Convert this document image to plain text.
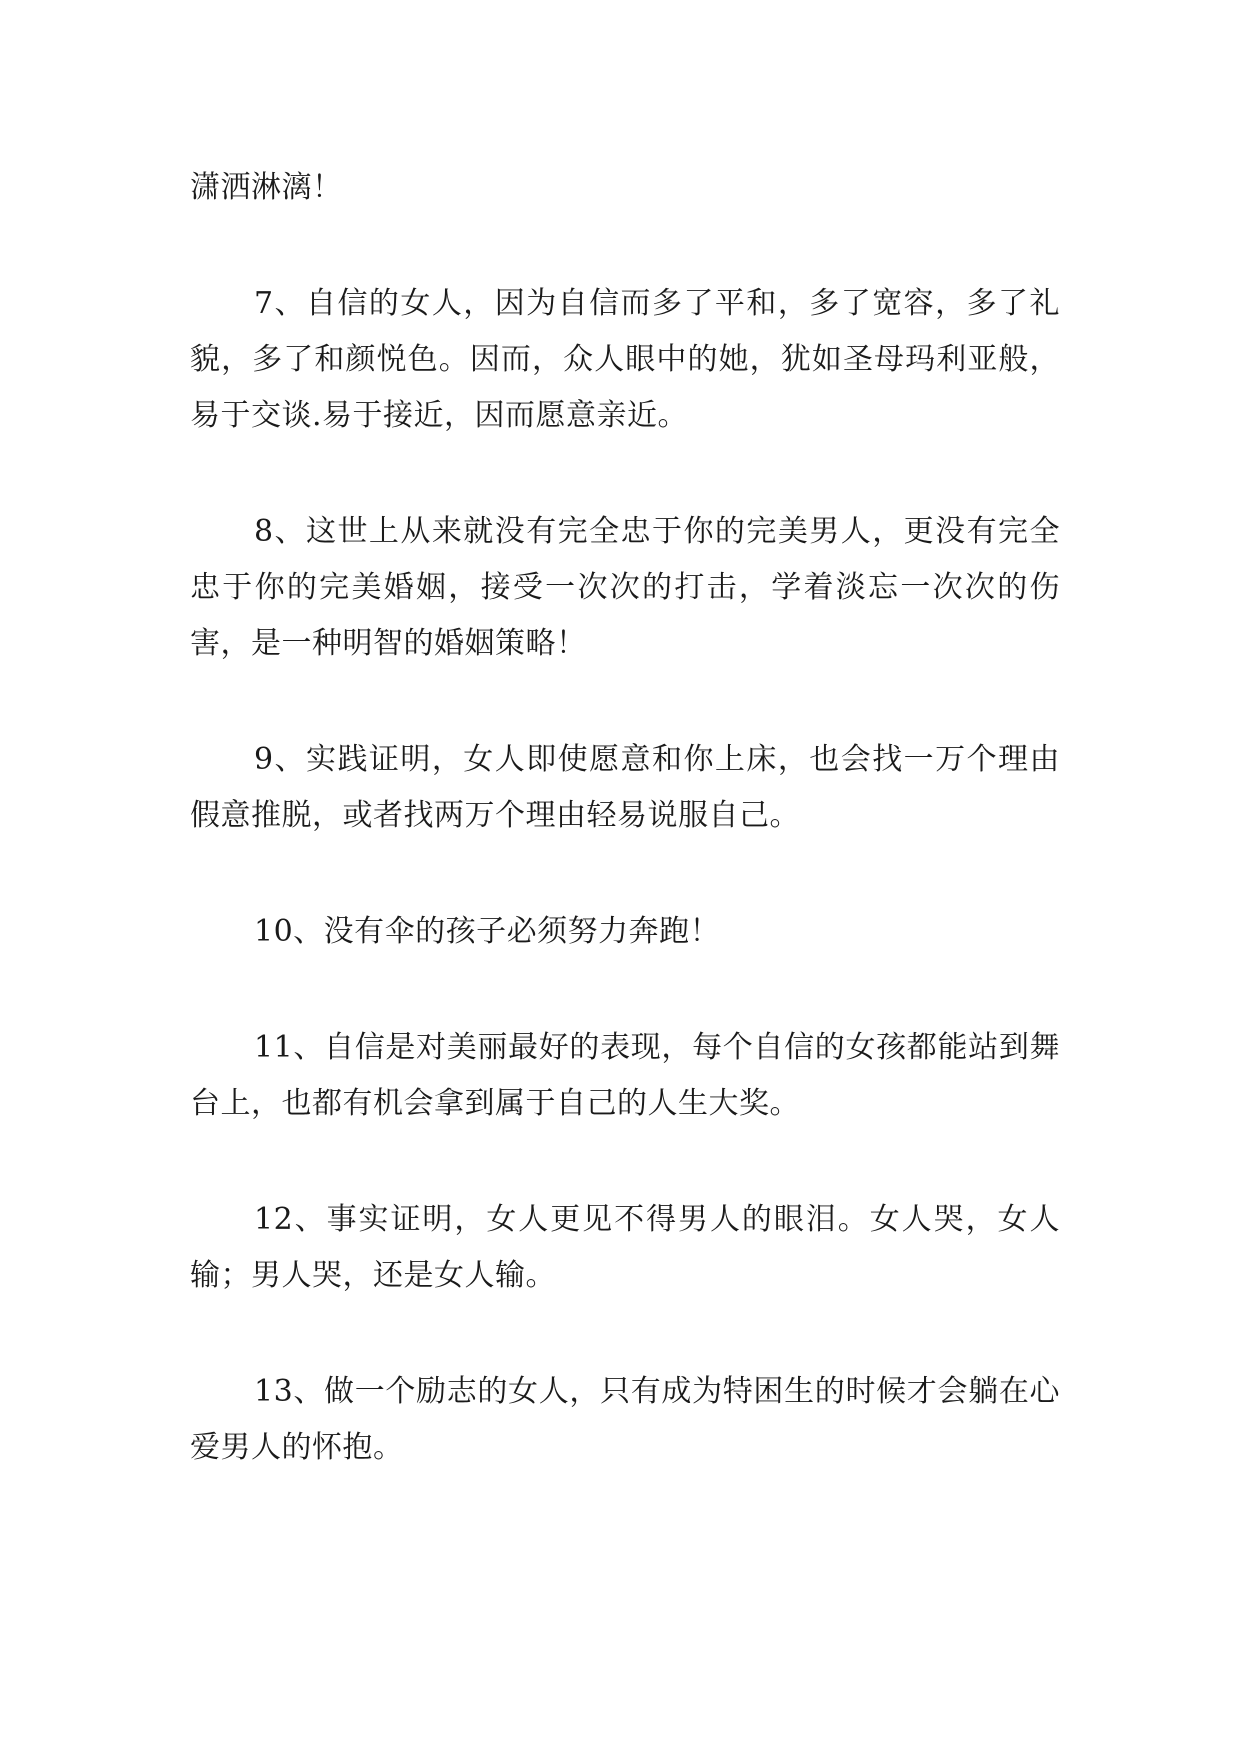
潇洒淋漓！

7、自信的女人，因为自信而多了平和，多了宽容，多了礼貌，多了和颜悦色。因而，众人眼中的她，犹如圣母玛利亚般，易于交谈.易于接近，因而愿意亲近。

8、这世上从来就没有完全忠于你的完美男人，更没有完全忠于你的完美婚姻，接受一次次的打击，学着淡忘一次次的伤害，是一种明智的婚姻策略！

9、实践证明，女人即使愿意和你上床，也会找一万个理由假意推脱，或者找两万个理由轻易说服自己。

10、没有伞的孩子必须努力奔跑！

11、自信是对美丽最好的表现，每个自信的女孩都能站到舞台上，也都有机会拿到属于自己的人生大奖。

12、事实证明，女人更见不得男人的眼泪。女人哭，女人输；男人哭，还是女人输。

13、做一个励志的女人，只有成为特困生的时候才会躺在心爱男人的怀抱。
